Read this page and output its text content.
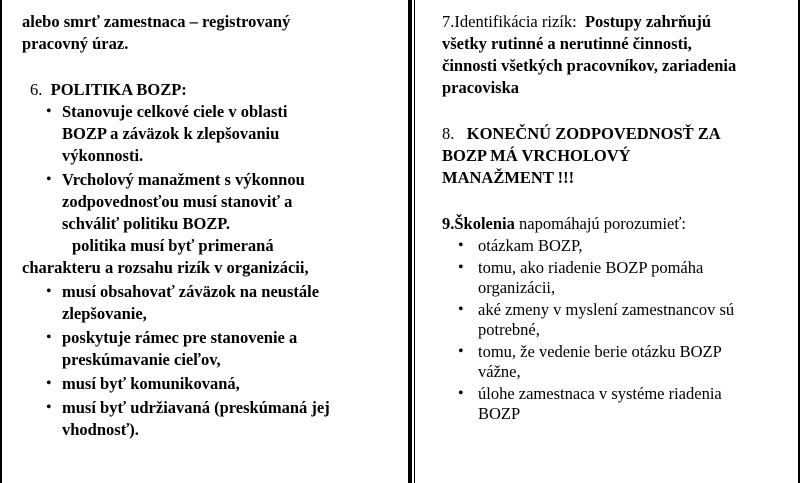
alebo smrť zamestnaca – registrovaný
pracovný úraz.
6. POLITIKA BOZP:
• Stanovuje celkové ciele v oblasti
BOZP a záväzok k zlepšovaniu
výkonnosti.
• Vrcholový manažment s výkonnou
zodpovednosťou musí stanoviť a
schváliť politiku BOZP.
politika musí byť primeraná
charakteru a rozsahu rizík v organizácii,
• musí obsahovať záväzok na neustále
zlepšovanie,
• poskytuje rámec pre stanovenie a
preskúmavanie cieľov,
• musí byť komunikovaná,
• musí byť udržiavaná (preskúmaná jej
vhodnosť).
7.Identifikácia rizík: Postupy zahrňujú
všetky rutinné a nerutinné činnosti,
činnosti všetkých pracovníkov, zariadenia
pracoviska
8. KONEČNÚ ZODPOVEDNOSŤ ZA
BOZP MÁ VRCHOLOVÝ
MANAŽMENT !!!
9.Školenia napomáhajú porozumieť:
• otázkam BOZP,
• tomu, ako riadenie BOZP pomáha
organizácii,
• aké zmeny v myslení zamestnancov sú
potrebné,
• tomu, že vedenie berie otázku BOZP
vážne,
• úlohe zamestnaca v systéme riadenia
BOZP
